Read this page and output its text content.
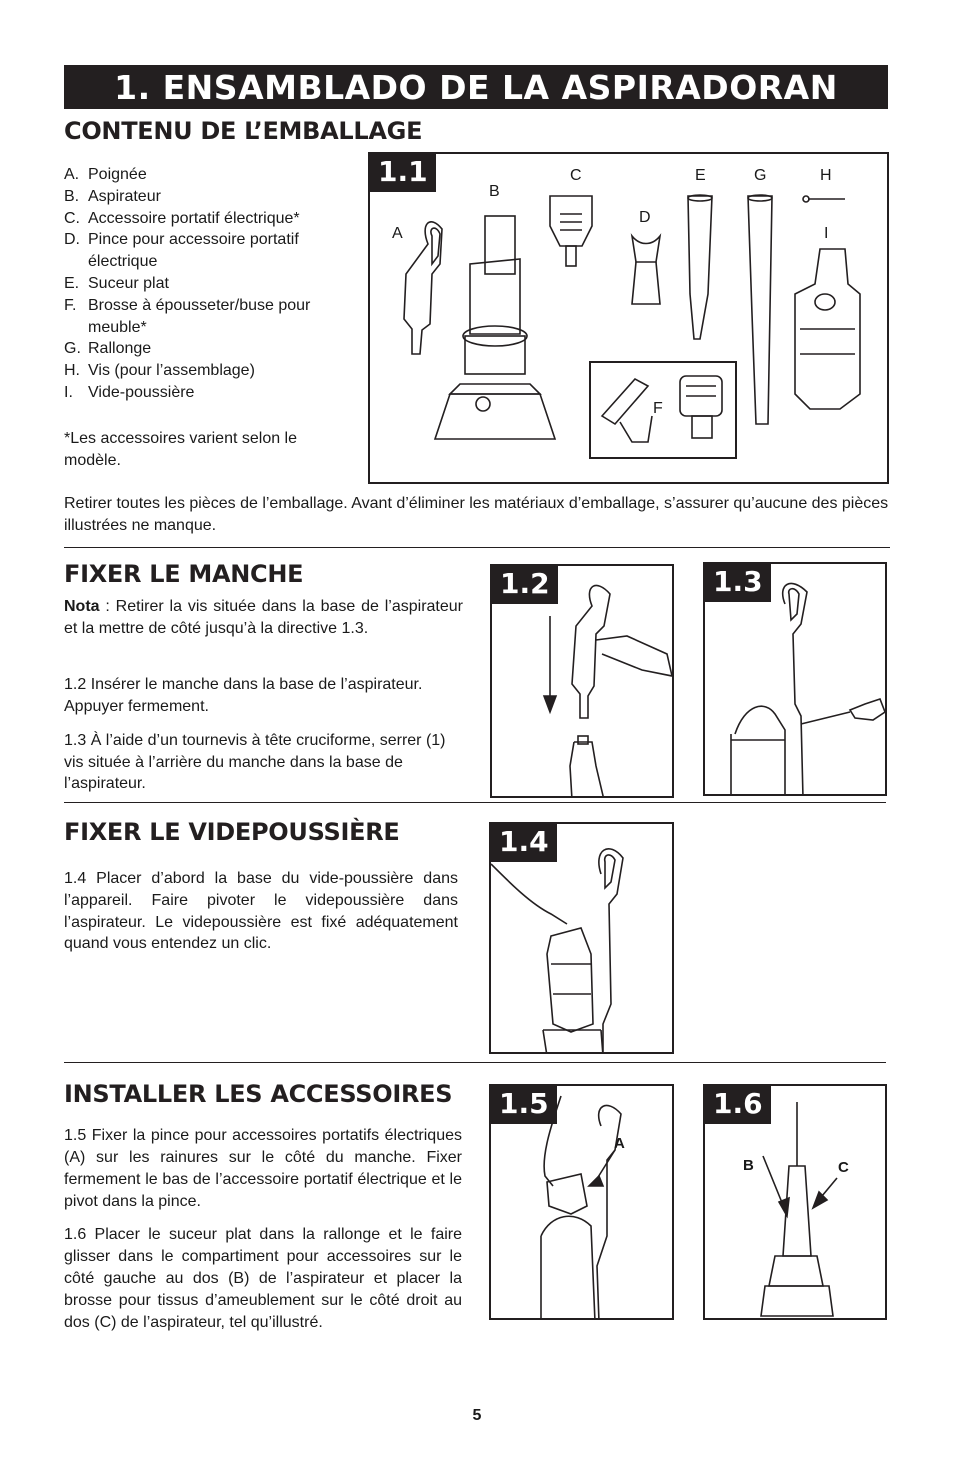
1. ENSAMBLADO DE LA ASPIRADORAN
CONTENU DE L’EMBALLAGE
A. Poignée
B. Aspirateur
C. Accessoire portatif électrique*
D. Pince pour accessoire portatif électrique
E. Suceur plat
F. Brosse à épousseter/buse pour meuble*
G. Rallonge
H. Vis (pour l’assemblage)
I. Vide-poussière
*Les accessoires varient selon le modèle.
1.1
A
B
C
D
E
F
G	H
I
Retirer toutes les pièces de l’emballage. Avant d’éliminer les matériaux d’emballage, s’assurer qu’aucune des pièces illustrées ne manque.
FIXER LE MANCHE
Nota : Retirer la vis située dans la base de l’aspirateur et la mettre de côté jusqu’à la directive 1.3.
1.2 Insérer le manche dans la base de l’aspirateur. Appuyer fermement.
1.3 À l’aide d’un tournevis à tête cruciforme, serrer (1) vis située à l’arrière du manche dans la base de l’aspirateur.
1.2	1.3
FIXER LE VIDEPOUSSIÈRE
1.4 Placer d’abord la base du vide-poussière dans l’appareil. Faire pivoter le videpoussière dans l’aspirateur. Le videpoussière est fixé adéquatement quand vous entendez un clic.
1.4
INSTALLER LES ACCESSOIRES
1.5 Fixer la pince pour accessoires portatifs électriques (A) sur les rainures sur le côté du manche. Fixer fermement le bas de l’accessoire portatif électrique et le pivot dans la pince.
1.6 Placer le suceur plat dans la rallonge et le faire glisser dans le compartiment pour accessoires sur le côté gauche au dos (B) de l’aspirateur et placer la brosse pour tissus d’ameublement sur le côté droit au dos (C) de l’aspirateur, tel qu’illustré.
1.5
A
1.6
B	C
5
